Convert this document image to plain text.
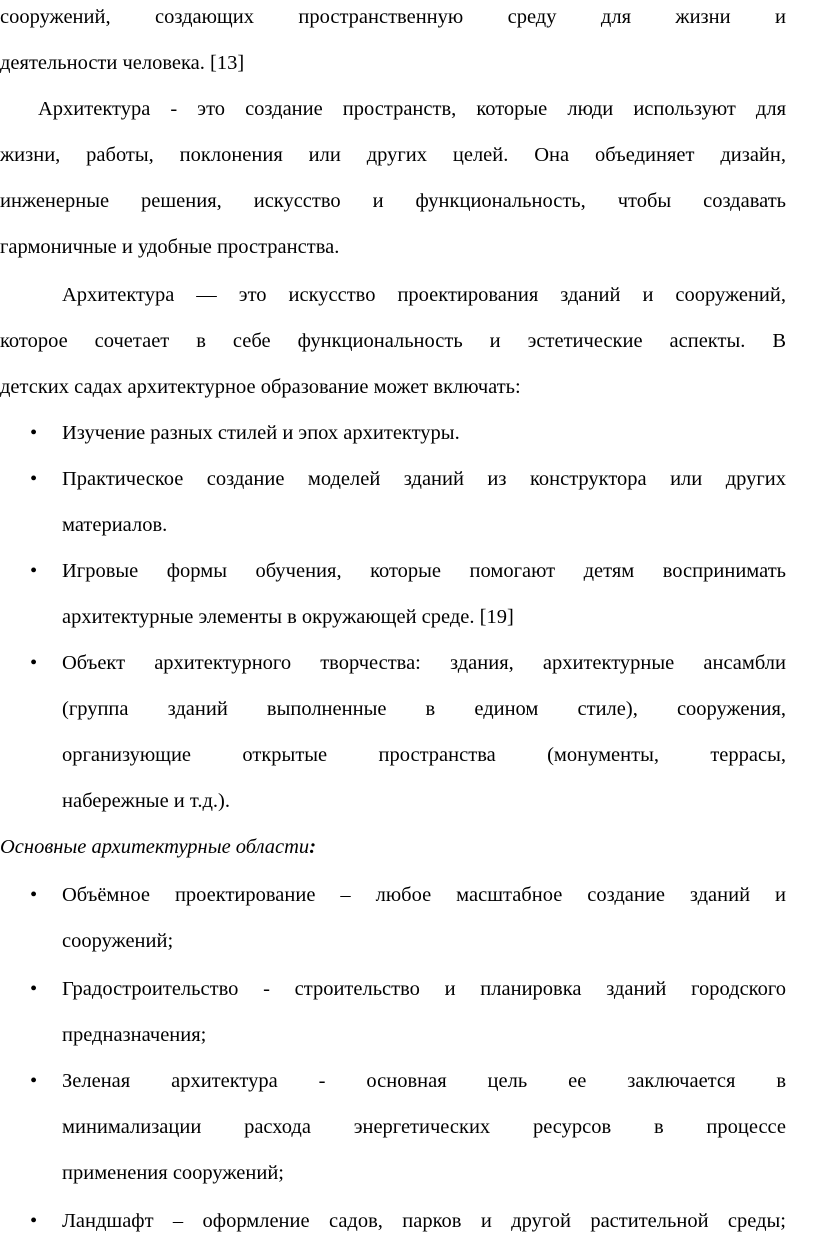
сооружений, создающих пространственную среду для жизни и
деятельности человека. [13]
Архитектура - это создание пространств, которые люди используют для
жизни, работы, поклонения или других целей. Она объединяет дизайн,
инженерные решения, искусство и функциональность, чтобы создавать
гармоничные и удобные пространства.
Архитектура — это искусство проектирования зданий и сооружений,
которое сочетает в себе функциональность и эстетические аспекты. В
детских садах архитектурное образование может включать:
•	Изучение разных стилей и эпох архитектуры.
•	Практическое создание моделей зданий из конструктора или других
материалов.
•	Игровые формы обучения, которые помогают детям воспринимать
архитектурные элементы в окружающей среде. [19]
•	Объект архитектурного творчества: здания, архитектурные ансамбли
(группа зданий выполненные в едином стиле), сооружения,
организующие открытые пространства (монументы, террасы,
набережные и т.д.).
Основные архитектурные области:
•	Объёмное проектирование – любое масштабное создание зданий и
сооружений;
•	Градостроительство - строительство и планировка зданий городского
предназначения;
•	Зеленая архитектура - основная цель ее заключается в
минимализации расхода энергетических ресурсов в процессе
применения сооружений;
•	Ландшафт – оформление садов, парков и другой растительной среды;
